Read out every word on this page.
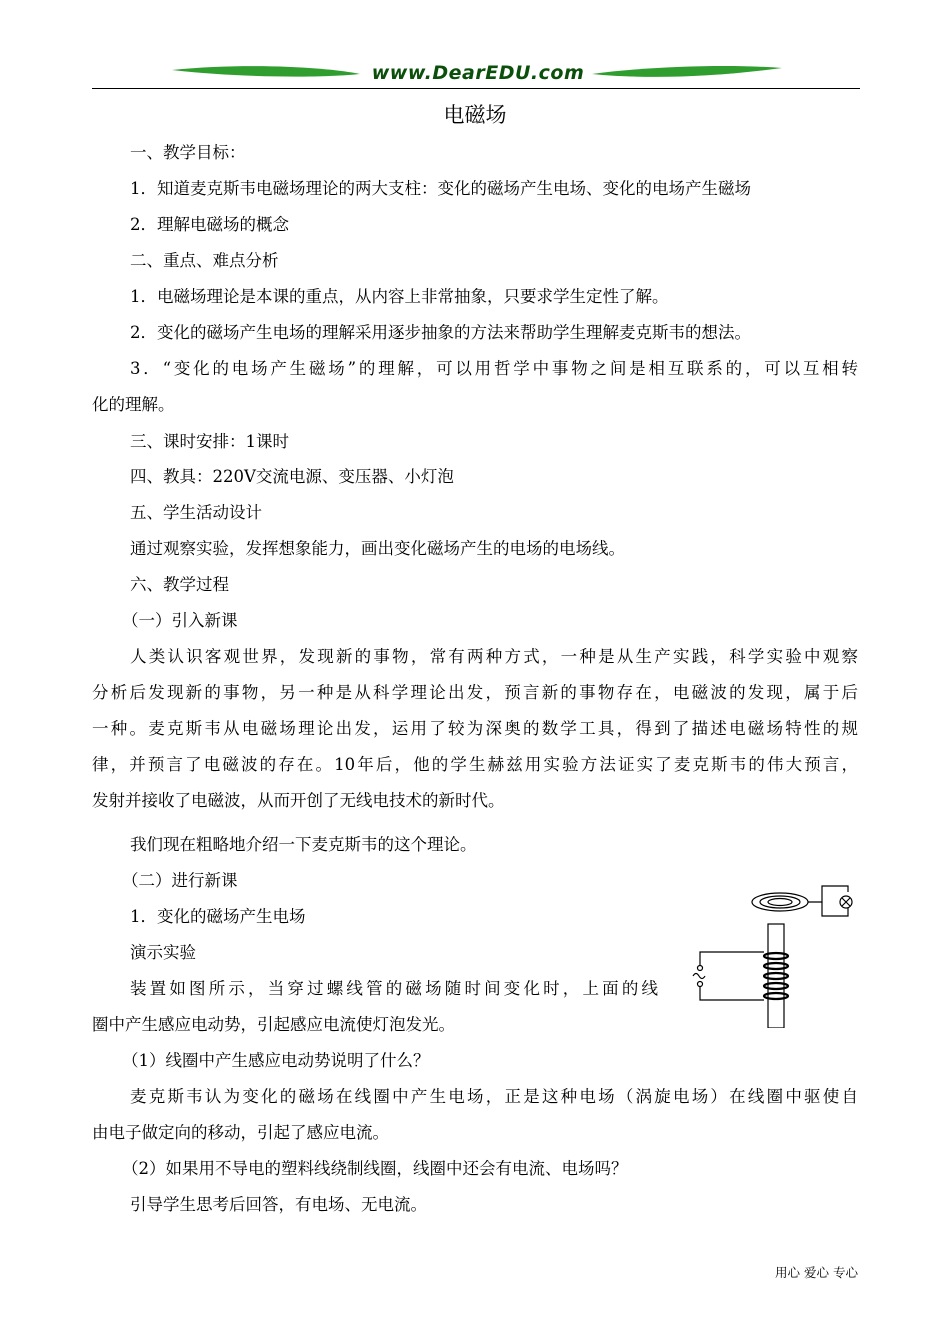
www.DearEDU.com
电磁场
一、教学目标：
1．知道麦克斯韦电磁场理论的两大支柱：变化的磁场产生电场、变化的电场产生磁场
2．理解电磁场的概念
二、重点、难点分析
1．电磁场理论是本课的重点，从内容上非常抽象，只要求学生定性了解。
2．变化的磁场产生电场的理解采用逐步抽象的方法来帮助学生理解麦克斯韦的想法。
3．“变化的电场产生磁场”的理解，可以用哲学中事物之间是相互联系的，可以互相转
化的理解。
三、课时安排：1课时
四、教具：220V交流电源、变压器、小灯泡
五、学生活动设计
通过观察实验，发挥想象能力，画出变化磁场产生的电场的电场线。
六、教学过程
（一）引入新课
人类认识客观世界，发现新的事物，常有两种方式，一种是从生产实践，科学实验中观察
分析后发现新的事物，另一种是从科学理论出发，预言新的事物存在，电磁波的发现，属于后
一种。麦克斯韦从电磁场理论出发，运用了较为深奥的数学工具，得到了描述电磁场特性的规
律，并预言了电磁波的存在。10年后，他的学生赫兹用实验方法证实了麦克斯韦的伟大预言，
发射并接收了电磁波，从而开创了无线电技术的新时代。
我们现在粗略地介绍一下麦克斯韦的这个理论。
（二）进行新课
1．变化的磁场产生电场
演示实验
装置如图所示，当穿过螺线管的磁场随时间变化时，上面的线
圈中产生感应电动势，引起感应电流使灯泡发光。
（1）线圈中产生感应电动势说明了什么？
麦克斯韦认为变化的磁场在线圈中产生电场，正是这种电场（涡旋电场）在线圈中驱使自
由电子做定向的移动，引起了感应电流。
（2）如果用不导电的塑料线绕制线圈，线圈中还会有电流、电场吗？
引导学生思考后回答，有电场、无电流。
用心 爱心 专心
